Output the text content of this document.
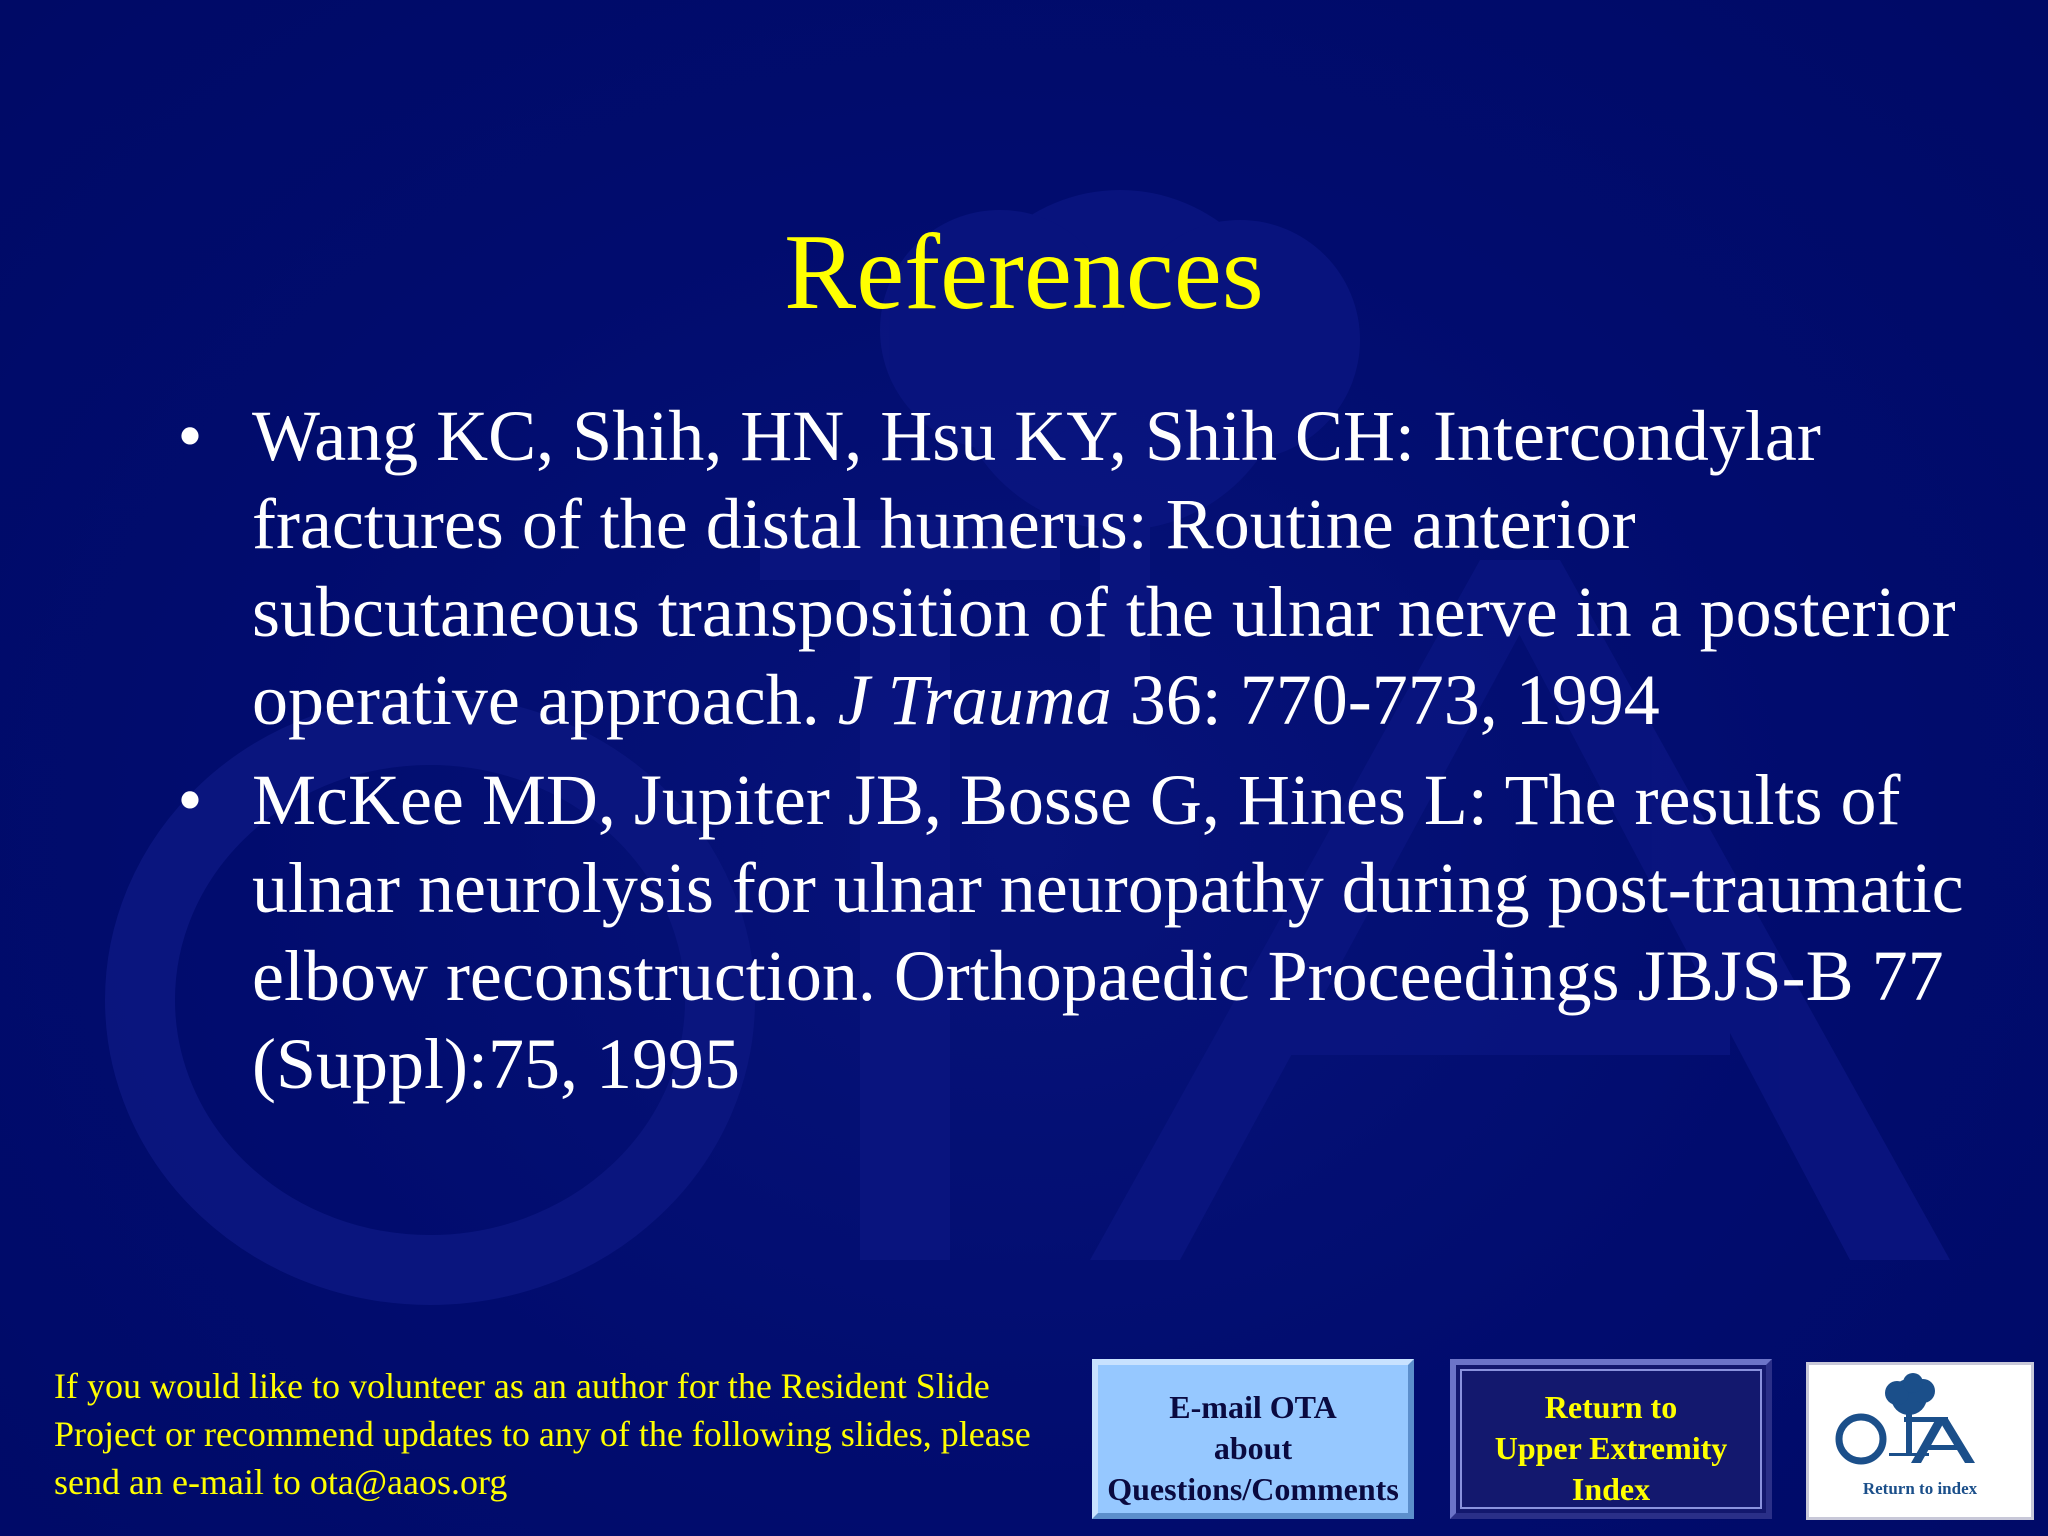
References
• Wang KC, Shih, HN, Hsu KY, Shih CH: Intercondylar fractures of the distal humerus: Routine anterior subcutaneous transposition of the ulnar nerve in a posterior operative approach. J Trauma 36: 770-773, 1994
• McKee MD, Jupiter JB, Bosse G, Hines L: The results of ulnar neurolysis for ulnar neuropathy during post-traumatic elbow reconstruction. Orthopaedic Proceedings JBJS-B 77 (Suppl):75, 1995
If you would like to volunteer as an author for the Resident Slide Project or recommend updates to any of the following slides, please send an e-mail to ota@aaos.org
E-mail OTA
about
Questions/Comments
Return to
Upper Extremity
Index	Return to index
